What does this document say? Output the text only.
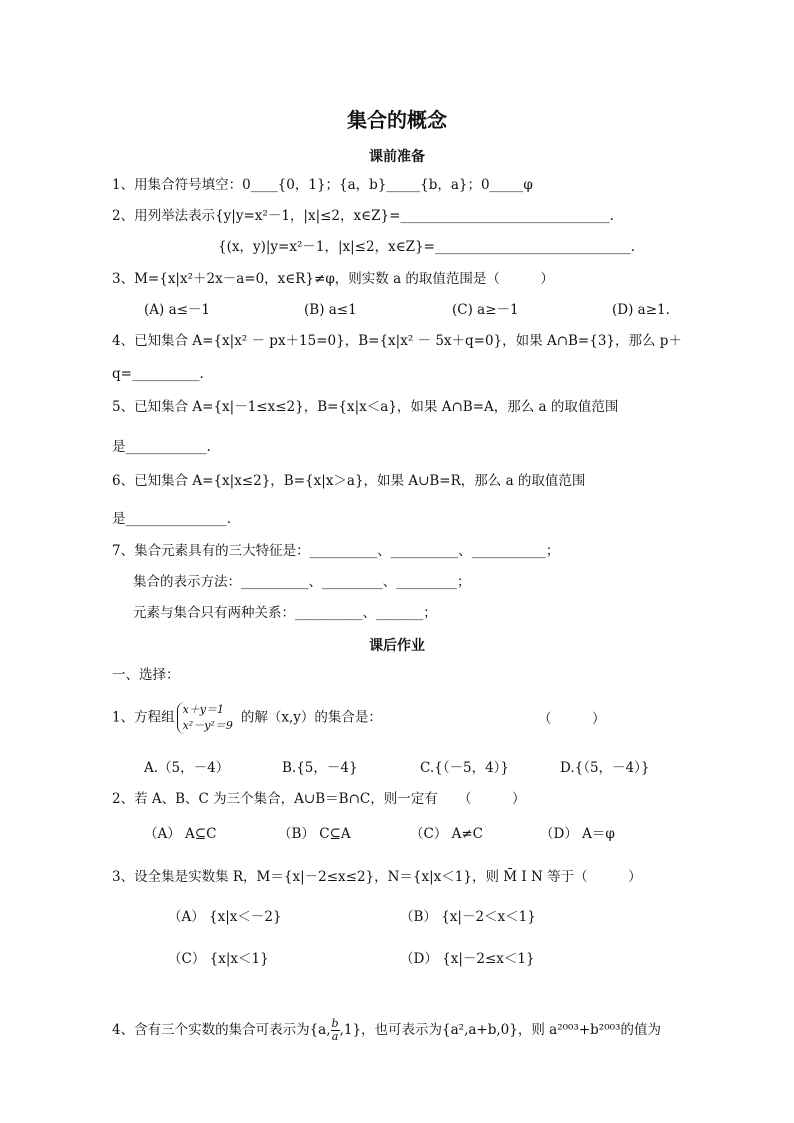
集合的概念
课前准备
1、用集合符号填空：0____{0，1}；{a，b}_____{b，a}；0_____φ
2、用列举法表示{y|y=x²－1，|x|≤2，x∈Z}=_______________________________.
{(x，y)|y=x²－1，|x|≤2，x∈Z}=_____________________________.
3、M={x|x²＋2x－a=0，x∈R}≠φ，则实数 a 的取值范围是（　　　）
(A) a≤－1	(B) a≤1	(C) a≥－1	(D) a≥1.
4、已知集合 A={x|x² － px＋15=0}，B={x|x² － 5x＋q=0}，如果 A∩B={3}，那么 p＋
q=__________.
5、已知集合 A={x|－1≤x≤2}，B={x|x＜a}，如果 A∩B=A，那么 a 的取值范围
是____________.
6、已知集合 A={x|x≤2}，B={x|x＞a}，如果 A∪B=R，那么 a 的取值范围
是_______________.
7、集合元素具有的三大特征是：__________、__________、___________；
集合的表示方法：__________、_________、_________；
元素与集合只有两种关系：__________、_______；
课后作业
一、选择：
1、方程组 x＋y＝1
x²－y²＝9 的解（x,y）的集合是：	（　　　）
A.（5，－4）	B.{5，－4}	C.{（－5，4）}	D.{（5，－4）}
2、若 A、B、C 为三个集合，A∪B＝B∩C，则一定有　　（　　　）
（A） A⊆C	（B） C⊆A	（C） A≠C	（D） A＝φ
3、设全集是实数集 R，M＝{x|－2≤x≤2}，N＝{x|x＜1}，则 M̄ I N 等于（　　　）
（A） {x|x＜－2}	（B） {x|－2＜x＜1}
（C） {x|x＜1}	（D） {x|－2≤x＜1}
4、含有三个实数的集合可表示为{a, $\frac{b}{a} ,1$}，也可表示为{a²,a+b,0}，则 a²⁰⁰³+b²⁰⁰³的值为
